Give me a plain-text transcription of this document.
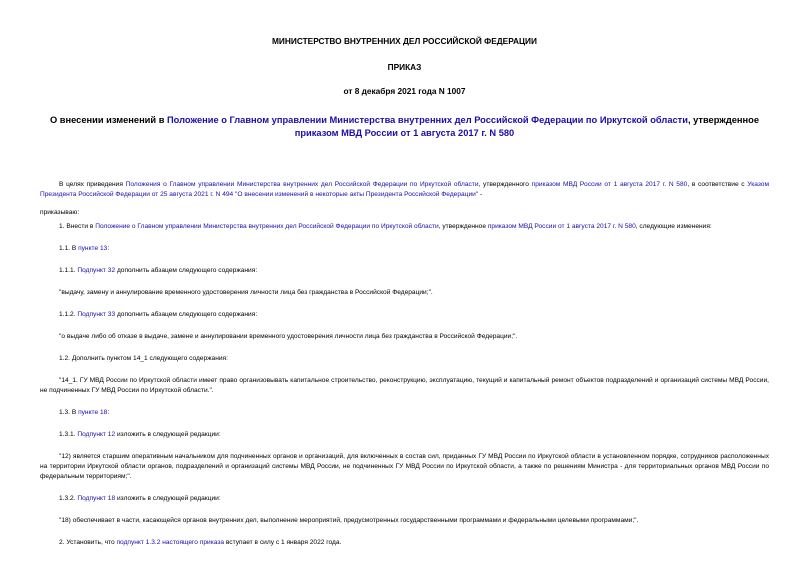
МИНИСТЕРСТВО ВНУТРЕННИХ ДЕЛ РОССИЙСКОЙ ФЕДЕРАЦИИ
ПРИКАЗ
от 8 декабря 2021 года N 1007
О внесении изменений в Положение о Главном управлении Министерства внутренних дел Российской Федерации по Иркутской области, утвержденное приказом МВД России от 1 августа 2017 г. N 580

В целях приведения Положения о Главном управлении Министерства внутренних дел Российской Федерации по Иркутской области, утвержденного приказом МВД России от 1 августа 2017 г. N 580, в соответствие с Указом Президента Российской Федерации от 25 августа 2021 г. N 494 "О внесении изменений в некоторые акты Президента Российской Федерации" -

приказываю:

1. Внести в Положение о Главном управлении Министерства внутренних дел Российской Федерации по Иркутской области, утвержденное приказом МВД России от 1 августа 2017 г. N 580, следующие изменения:

1.1. В пункте 13:

1.1.1. Подпункт 32 дополнить абзацем следующего содержания:

"выдачу, замену и аннулирование временного удостоверения личности лица без гражданства в Российской Федерации;".

1.1.2. Подпункт 33 дополнить абзацем следующего содержания:

"о выдаче либо об отказе в выдаче, замене и аннулировании временного удостоверения личности лица без гражданства в Российской Федерации;".

1.2. Дополнить пунктом 14_1 следующего содержания:

"14_1. ГУ МВД России по Иркутской области имеет право организовывать капитальное строительство, реконструкцию, эксплуатацию, текущий и капитальный ремонт объектов подразделений и организаций системы МВД России, не подчиненных ГУ МВД России по Иркутской области.".

1.3. В пункте 18:

1.3.1. Подпункт 12 изложить в следующей редакции:

"12) является старшим оперативным начальником для подчиненных органов и организаций, для включенных в состав сил, приданных ГУ МВД России по Иркутской области в установленном порядке, сотрудников расположенных на территории Иркутской области органов, подразделений и организаций системы МВД России, не подчиненных ГУ МВД России по Иркутской области, а также по решениям Министра - для территориальных органов МВД России по федеральным территориям;".

1.3.2. Подпункт 18 изложить в следующей редакции:

"18) обеспечивает в части, касающейся органов внутренних дел, выполнение мероприятий, предусмотренных государственными программами и федеральными целевыми программами;".

2. Установить, что подпункт 1.3.2 настоящего приказа вступает в силу с 1 января 2022 года.
